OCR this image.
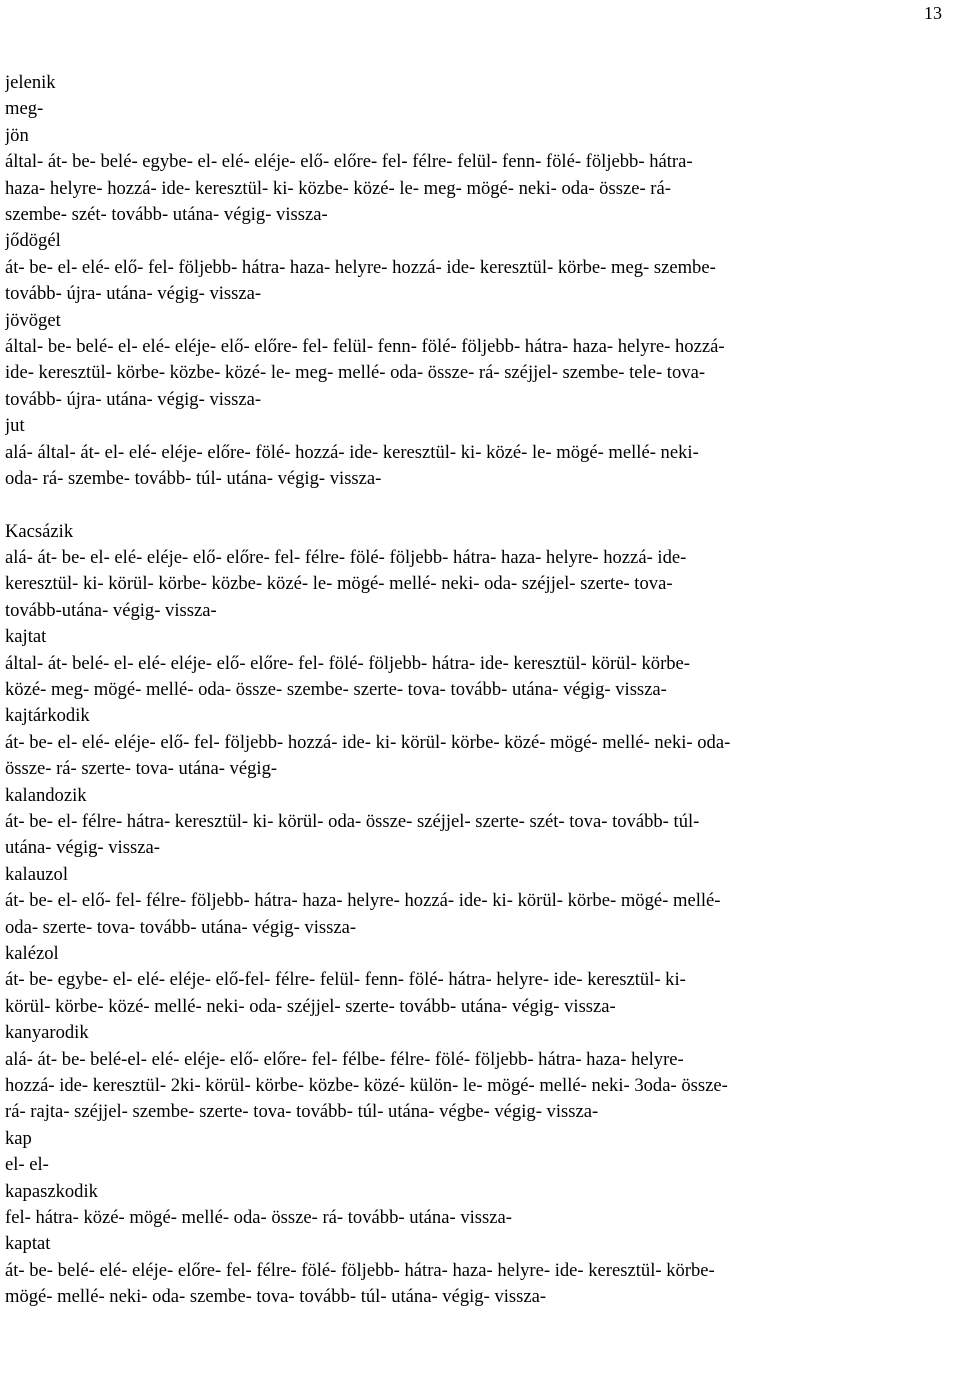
13
jelenik
meg-
jön
által- át- be- belé- egybe- el- elé- eléje- elő- előre- fel- félre- felül- fenn- fölé- följebb- hátra-
haza- helyre- hozzá- ide- keresztül- ki- közbe- közé- le- meg- mögé- neki- oda- össze- rá-
szembe- szét- tovább- utána- végig- vissza-
jődögél
át- be- el- elé- elő- fel- följebb- hátra- haza- helyre- hozzá- ide- keresztül- körbe- meg- szembe-
tovább- újra- utána- végig- vissza-
jövöget
által- be- belé- el- elé- eléje- elő- előre- fel- felül- fenn- fölé- följebb- hátra- haza- helyre- hozzá-
ide- keresztül- körbe- közbe- közé- le- meg- mellé- oda- össze- rá- széjjel- szembe- tele- tova-
tovább- újra- utána- végig- vissza-
jut
alá- által- át- el- elé- eléje- előre- fölé- hozzá- ide- keresztül- ki- közé- le- mögé- mellé- neki-
oda- rá- szembe- tovább- túl- utána- végig- vissza-
Kacsázik
alá- át- be- el- elé- eléje- elő- előre- fel- félre- fölé- följebb- hátra- haza- helyre- hozzá- ide-
keresztül- ki- körül- körbe- közbe- közé- le- mögé- mellé- neki- oda- széjjel- szerte- tova-
tovább-utána- végig- vissza-
kajtat
által- át- belé- el- elé- eléje- elő- előre- fel- fölé- följebb- hátra- ide- keresztül- körül- körbe-
közé- meg- mögé- mellé- oda- össze- szembe- szerte- tova- tovább- utána- végig- vissza-
kajtárkodik
át- be- el- elé- eléje- elő- fel- följebb- hozzá- ide- ki- körül- körbe- közé- mögé- mellé- neki- oda-
össze- rá- szerte- tova- utána- végig-
kalandozik
át- be- el- félre- hátra- keresztül- ki- körül- oda- össze- széjjel- szerte- szét- tova- tovább- túl-
utána- végig- vissza-
kalauzol
át- be- el- elő- fel- félre- följebb- hátra- haza- helyre- hozzá- ide- ki- körül- körbe- mögé- mellé-
oda- szerte- tova- tovább- utána- végig- vissza-
kalézol
át- be- egybe- el- elé- eléje- elő-fel- félre- felül- fenn- fölé- hátra- helyre- ide- keresztül- ki-
körül- körbe- közé- mellé- neki- oda- széjjel- szerte- tovább- utána- végig- vissza-
kanyarodik
alá- át- be- belé-el- elé- eléje- elő- előre- fel- félbe- félre- fölé- följebb- hátra- haza- helyre-
hozzá- ide- keresztül- 2ki- körül- körbe- közbe- közé- külön- le- mögé- mellé- neki- 3oda- össze-
rá- rajta- széjjel- szembe- szerte- tova- tovább- túl- utána- végbe- végig- vissza-
kap
el- el-
kapaszkodik
fel- hátra- közé- mögé- mellé- oda- össze- rá- tovább- utána- vissza-
kaptat
át- be- belé- elé- eléje- előre- fel- félre- fölé- följebb- hátra- haza- helyre- ide- keresztül- körbe-
mögé- mellé- neki- oda- szembe- tova- tovább- túl- utána- végig- vissza-
